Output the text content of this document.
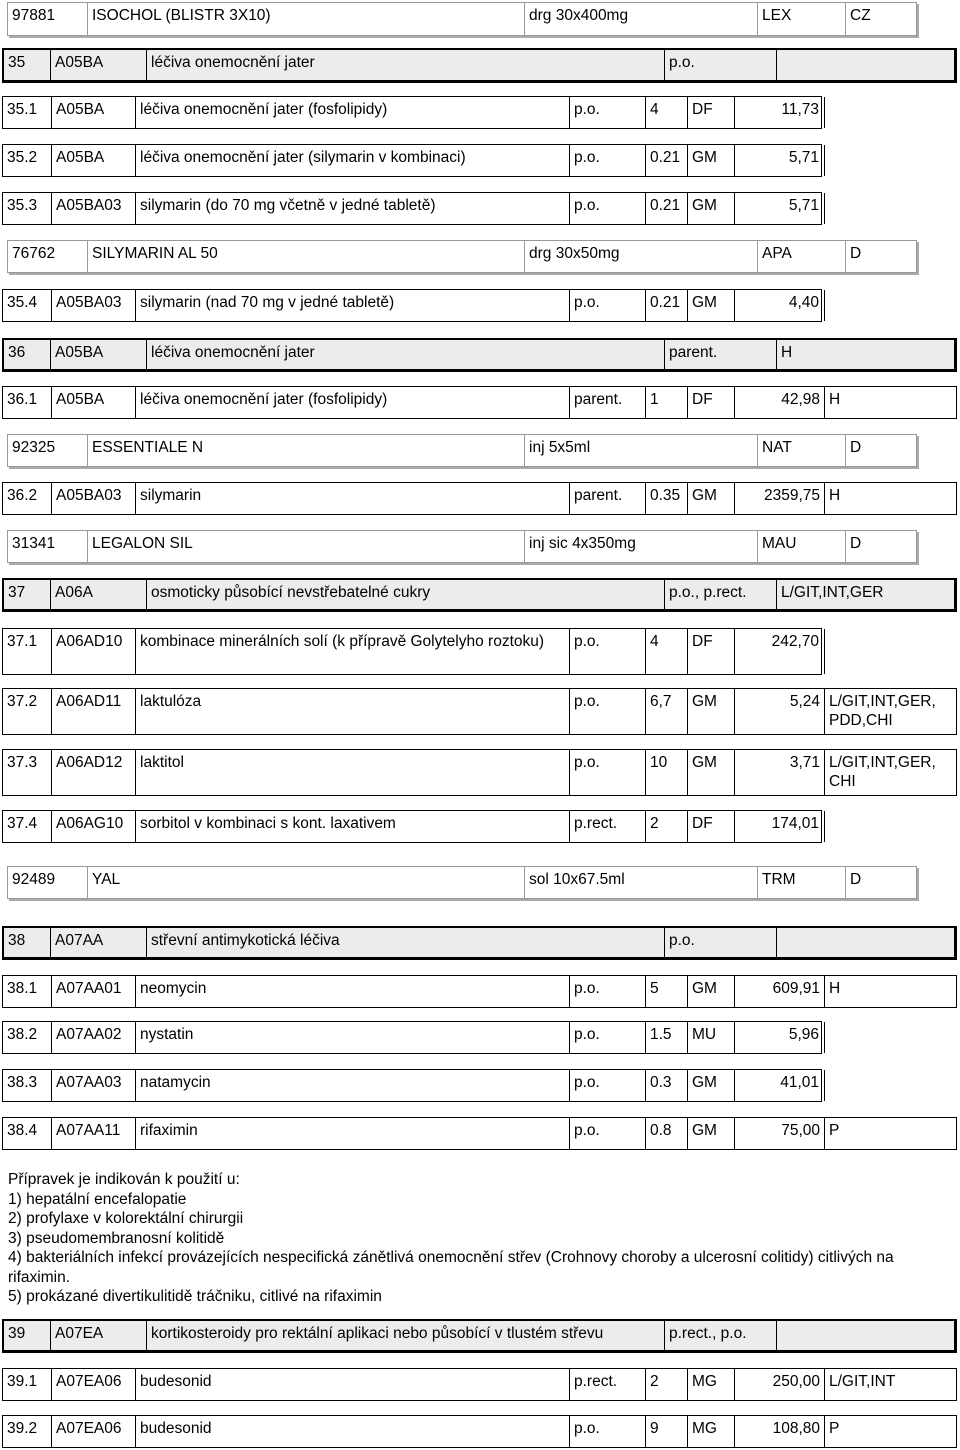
97881	ISOCHOL (BLISTR 3X10)	drg 30x400mg	LEX	CZ
35	A05BA	léčiva onemocnění jater	p.o.
35.1	A05BA	léčiva onemocnění jater (fosfolipidy)	p.o.	4	DF	11,73
35.2	A05BA	léčiva onemocnění jater (silymarin v kombinaci)	p.o.	0.21 GM	5,71
35.3	A05BA03	silymarin (do 70 mg včetně v jedné tabletě)	p.o.	0.21 GM	5,71
76762	SILYMARIN AL 50	drg 30x50mg	APA	D
35.4	A05BA03	silymarin (nad 70 mg v jedné tabletě)	p.o.	0.21 GM	4,40
36	A05BA	léčiva onemocnění jater	parent.	H
36.1	A05BA	léčiva onemocnění jater (fosfolipidy)	parent.	1	DF	42,98 H
92325	ESSENTIALE N	inj 5x5ml	NAT	D
36.2	A05BA03	silymarin	parent.	0.35 GM	2359,75 H
31341	LEGALON SIL	inj sic 4x350mg	MAU	D
37	A06A	osmoticky působící nevstřebatelné cukry	p.o., p.rect.	L/GIT,INT,GER
37.1	A06AD10	kombinace minerálních solí (k přípravě Golytelyho roztoku)	p.o.	4	DF	242,70
37.2	A06AD11	laktulóza	p.o.	6,7	GM	5,24 L/GIT,INT,GER, PDD,CHI
37.3	A06AD12	laktitol	p.o.	10	GM	3,71 L/GIT,INT,GER, CHI
37.4	A06AG10	sorbitol v kombinaci s kont. laxativem	p.rect.	2	DF	174,01
92489	YAL	sol 10x67.5ml	TRM	D
38	A07AA	střevní antimykotická léčiva	p.o.
38.1	A07AA01	neomycin	p.o.	5	GM	609,91 H
38.2	A07AA02	nystatin	p.o.	1.5	MU	5,96
38.3	A07AA03	natamycin	p.o.	0.3	GM	41,01
38.4	A07AA11	rifaximin	p.o.	0.8	GM	75,00 P
39	A07EA	kortikosteroidy pro rektální aplikaci nebo působící v tlustém střevu	p.rect., p.o.
39.1	A07EA06	budesonid	p.rect.	2	MG	250,00 L/GIT,INT
39.2	A07EA06	budesonid	p.o.	9	MG	108,80 P
Přípravek je indikován k použití u:
1) hepatální encefalopatie
2) profylaxe v kolorektální chirurgii
3) pseudomembranosní kolitidě
4) bakteriálních infekcí provázejících nespecifická zánětlivá onemocnění střev (Crohnovy choroby a ulcerosní colitidy) citlivých na rifaximin.
5) prokázané divertikulitidě tráčniku, citlivé na rifaximin
